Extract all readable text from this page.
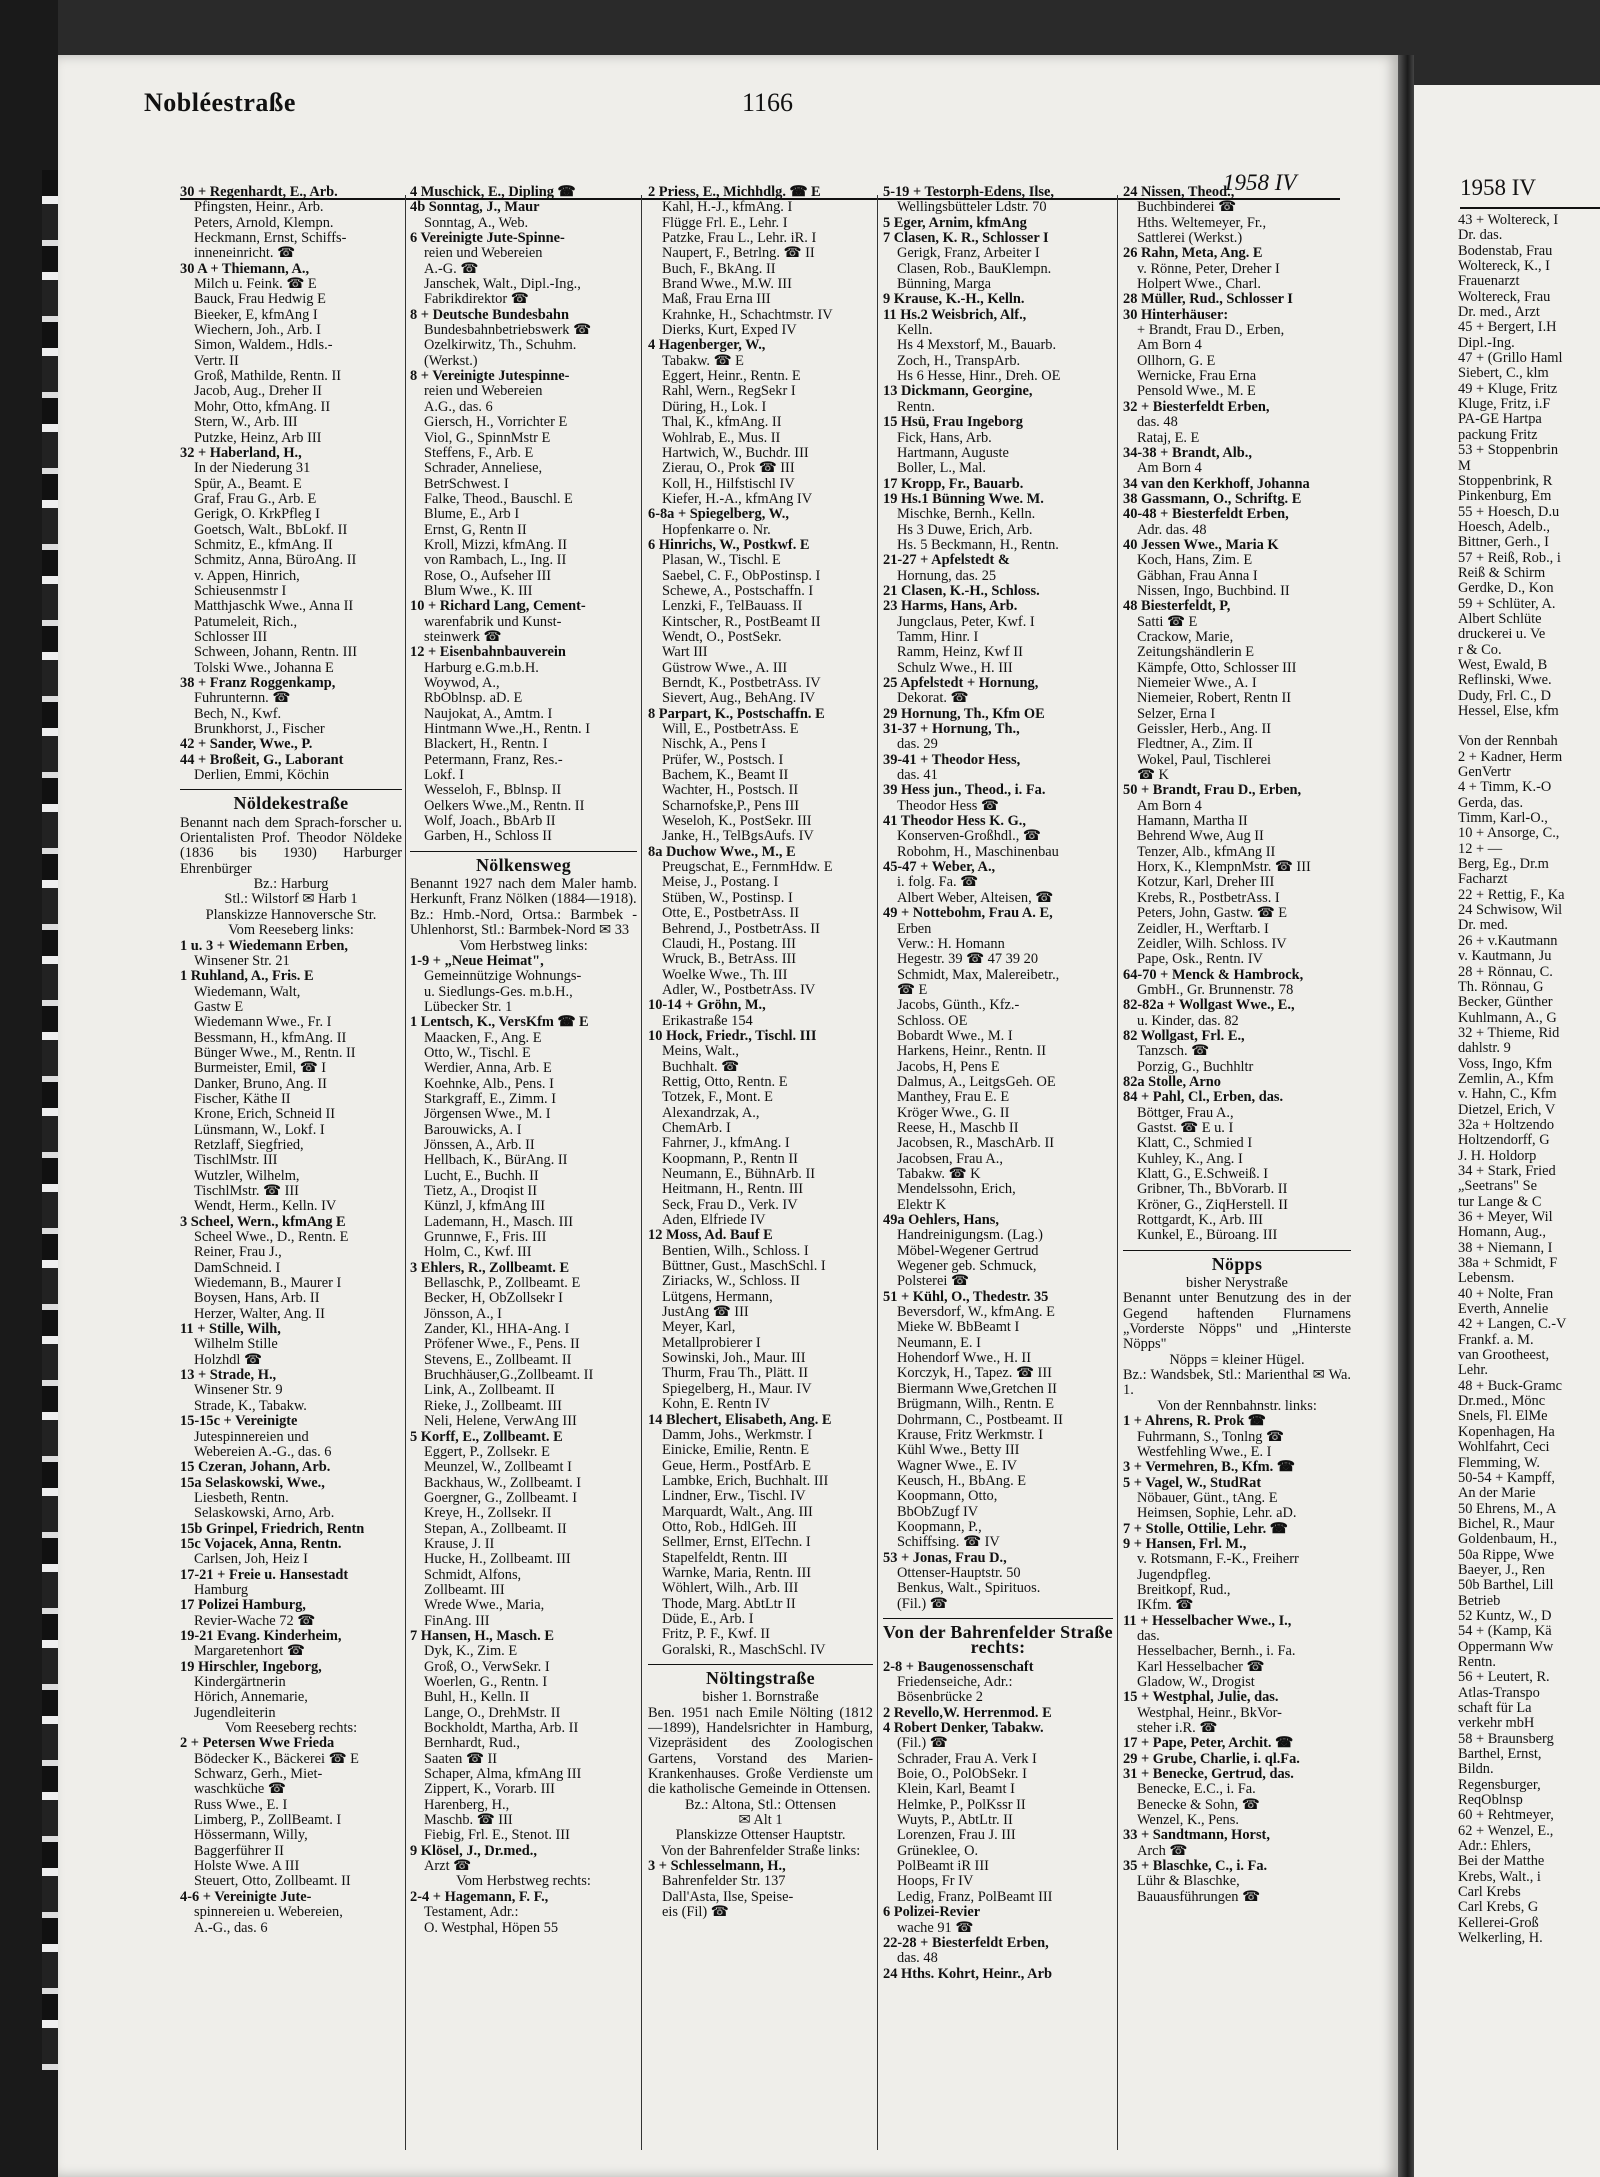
1958 IV
43 + Woltereck, I
Dr. das.
Bodenstab, Frau
Woltereck, K., I
Frauenarzt
Woltereck, Frau
Dr. med., Arzt
45 + Bergert, I.H
Dipl.-Ing.
47 + (Grillo Haml
Siebert, C., klm
49 + Kluge, Fritz
Kluge, Fritz, i.F
PA-GE Hartpa
packung Fritz
53 + Stoppenbrin
M
Stoppenbrink, R
Pinkenburg, Em
55 + Hoesch, D.u
Hoesch, Adelb.,
Bittner, Gerh., I
57 + Reiß, Rob., i
Reiß & Schirm
Gerdke, D., Kon
59 + Schlüter, A.
Albert Schlüte
druckerei u. Ve
r & Co.
West, Ewald, B
Reflinski, Wwe.
Dudy, Frl. C., D
Hessel, Else, kfm
Von der Rennbah
2 + Kadner, Herm
GenVertr
4 + Timm, K.-O
Gerda, das.
Timm, Karl-O.,
10 + Ansorge, C.,
12 + —
Berg, Eg., Dr.m
Facharzt
22 + Rettig, F., Ka
24 Schwisow, Wil
Dr. med.
26 + v.Kautmann
v. Kautmann, Ju
28 + Rönnau, C.
Th. Rönnau, G
Becker, Günther
Kuhlmann, A., G
32 + Thieme, Rid
dahlstr. 9
Voss, Ingo, Kfm
Zemlin, A., Kfm
v. Hahn, C., Kfm
Dietzel, Erich, V
32a + Holtzendo
Holtzendorff, G
J. H. Holdorp
34 + Stark, Fried
„Seetrans" Se
tur Lange & C
36 + Meyer, Wil
Homann, Aug.,
38 + Niemann, I
38a + Schmidt, F
Lebensm.
40 + Nolte, Fran
Everth, Annelie
42 + Langen, C.-V
Frankf. a. M.
van Grootheest,
Lehr.
48 + Buck-Gramc
Dr.med., Mönc
Snels, Fl. ElMe
Kopenhagen, Ha
Wohlfahrt, Ceci
Flemming, W.
50-54 + Kampff,
An der Marie
50 Ehrens, M., A
Bichel, R., Maur
Goldenbaum, H.,
50a Rippe, Wwe
Baeyer, J., Ren
50b Barthel, Lill
Betrieb
52 Kuntz, W., D
54 + (Kamp, Kä
Oppermann Ww
Rentn.
56 + Leutert, R.
Atlas-Transpo
schaft für La
verkehr mbH
58 + Braunsberg
Barthel, Ernst,
Bildn.
Regensburger,
ReqOblnsp
60 + Rehtmeyer,
62 + Wenzel, E.,
Adr.: Ehlers,
Bei der Matthe
Krebs, Walt., i
Carl Krebs
Carl Krebs, G
Kellerei-Groß
Welkerling, H.
Nobléestraße	1166
1958 IV
30 + Regenhardt, E., Arb.
Pfingsten, Heinr., Arb.
Peters, Arnold, Klempn.
Heckmann, Ernst, Schiffs-
inneneinricht. ☎
30 A + Thiemann, A.,
Milch u. Feink. ☎ E
Bauck, Frau Hedwig E
Bieeker, E, kfmAng I
Wiechern, Joh., Arb. I
Simon, Waldem., Hdls.-
Vertr. II
Groß, Mathilde, Rentn. II
Jacob, Aug., Dreher II
Mohr, Otto, kfmAng. II
Stern, W., Arb. III
Putzke, Heinz, Arb III
32 + Haberland, H.,
In der Niederung 31
Spür, A., Beamt. E
Graf, Frau G., Arb. E
Gerigk, O. KrkPfleg I
Goetsch, Walt., BbLokf. II
Schmitz, E., kfmAng. II
Schmitz, Anna, BüroAng. II
v. Appen, Hinrich,
Schieusenmstr I
Matthjaschk Wwe., Anna II
Patumeleit, Rich.,
Schlosser III
Schween, Johann, Rentn. III
Tolski Wwe., Johanna E
38 + Franz Roggenkamp,
Fuhrunternn. ☎
Bech, N., Kwf.
Brunkhorst, J., Fischer
42 + Sander, Wwe., P.
44 + Broßeit, G., Laborant
Derlien, Emmi, Köchin
Nöldekestraße
Benannt nach dem Sprach-forscher u. Orientalisten Prof. Theodor Nöldeke (1836 bis 1930) Harburger Ehrenbürger
Bz.: Harburg
Stl.: Wilstorf ✉ Harb 1
Planskizze Hannoversche Str.
Vom Reeseberg links:
1 u. 3 + Wiedemann Erben,
Winsener Str. 21
1 Ruhland, A., Fris. E
Wiedemann, Walt,
Gastw E
Wiedemann Wwe., Fr. I
Bessmann, H., kfmAng. II
Bünger Wwe., M., Rentn. II
Burmeister, Emil, ☎ I
Danker, Bruno, Ang. II
Fischer, Käthe II
Krone, Erich, Schneid II
Lünsmann, W., Lokf. I
Retzlaff, Siegfried,
TischlMstr. III
Wutzler, Wilhelm,
TischlMstr. ☎ III
Wendt, Herm., Kelln. IV
3 Scheel, Wern., kfmAng E
Scheel Wwe., D., Rentn. E
Reiner, Frau J.,
DamSchneid. I
Wiedemann, B., Maurer I
Boysen, Hans, Arb. II
Herzer, Walter, Ang. II
11 + Stille, Wilh,
Wilhelm Stille
Holzhdl ☎
13 + Strade, H.,
Winsener Str. 9
Strade, K., Tabakw.
15-15c + Vereinigte
Jutespinnereien und
Webereien A.-G., das. 6
15 Czeran, Johann, Arb.
15a Selaskowski, Wwe.,
Liesbeth, Rentn.
Selaskowski, Arno, Arb.
15b Grinpel, Friedrich, Rentn
15c Vojacek, Anna, Rentn.
Carlsen, Joh, Heiz I
17-21 + Freie u. Hansestadt
Hamburg
17 Polizei Hamburg,
Revier-Wache 72 ☎
19-21 Evang. Kinderheim,
Margaretenhort ☎
19 Hirschler, Ingeborg,
Kindergärtnerin
Hörich, Annemarie,
Jugendleiterin
Vom Reeseberg rechts:
2 + Petersen Wwe Frieda
Bödecker K., Bäckerei ☎ E
Schwarz, Gerh., Miet-
waschküche ☎
Russ Wwe., E. I
Limberg, P., ZollBeamt. I
Hössermann, Willy,
Baggerführer II
Holste Wwe. A III
Steuert, Otto, Zollbeamt. II
4-6 + Vereinigte Jute-
spinnereien u. Webereien,
A.-G., das. 6
4 Muschick, E., Dipling ☎
4b Sonntag, J., Maur
Sonntag, A., Web.
6 Vereinigte Jute-Spinne-
reien und Webereien
A.-G. ☎
Janschek, Walt., Dipl.-Ing.,
Fabrikdirektor ☎
8 + Deutsche Bundesbahn
Bundesbahnbetriebswerk ☎
Ozelkirwitz, Th., Schuhm.
(Werkst.)
8 + Vereinigte Jutespinne-
reien und Webereien
A.G., das. 6
Giersch, H., Vorrichter E
Viol, G., SpinnMstr E
Steffens, F., Arb. E
Schrader, Anneliese,
BetrSchwest. I
Falke, Theod., Bauschl. E
Blume, E., Arb I
Ernst, G, Rentn II
Kroll, Mizzi, kfmAng. II
von Rambach, L., Ing. II
Rose, O., Aufseher III
Blum Wwe., K. III
10 + Richard Lang, Cement-
warenfabrik und Kunst-
steinwerk ☎
12 + Eisenbahnbauverein
Harburg e.G.m.b.H.
Woywod, A.,
RbOblnsp. aD. E
Naujokat, A., Amtm. I
Hintmann Wwe.,H., Rentn. I
Blackert, H., Rentn. I
Petermann, Franz, Res.-
Lokf. I
Wesseloh, F., Bblnsp. II
Oelkers Wwe.,M., Rentn. II
Wolf, Joach., BbArb II
Garben, H., Schloss II
Nölkensweg
Benannt 1927 nach dem Maler hamb. Herkunft, Franz Nölken (1884—1918).
Bz.: Hmb.-Nord, Ortsa.: Barmbek - Uhlenhorst, Stl.: Barmbek-Nord ✉ 33
Vom Herbstweg links:
1-9 + „Neue Heimat",
Gemeinnützige Wohnungs-
u. Siedlungs-Ges. m.b.H.,
Lübecker Str. 1
1 Lentsch, K., VersKfm ☎ E
Maacken, F., Ang. E
Otto, W., Tischl. E
Werdier, Anna, Arb. E
Koehnke, Alb., Pens. I
Starkgraff, E., Zimm. I
Jörgensen Wwe., M. I
Barouwicks, A. I
Jönssen, A., Arb. II
Hellbach, K., BürAng. II
Lucht, E., Buchh. II
Tietz, A., Droqist II
Künzl, J, kfmAng III
Lademann, H., Masch. III
Grunnwe, F., Fris. III
Holm, C., Kwf. III
3 Ehlers, R., Zollbeamt. E
Bellaschk, P., Zollbeamt. E
Becker, H, ObZollsekr I
Jönsson, A., I
Zander, Kl., HHA-Ang. I
Pröfener Wwe., F., Pens. II
Stevens, E., Zollbeamt. II
Bruchhäuser,G.,Zollbeamt. II
Link, A., Zollbeamt. II
Rieke, J., Zollbeamt. III
Neli, Helene, VerwAng III
5 Korff, E., Zollbeamt. E
Eggert, P., Zollsekr. E
Meunzel, W., Zollbeamt I
Backhaus, W., Zollbeamt. I
Goergner, G., Zollbeamt. I
Kreye, H., Zollsekr. II
Stepan, A., Zollbeamt. II
Krause, J. II
Hucke, H., Zollbeamt. III
Schmidt, Alfons,
Zollbeamt. III
Wrede Wwe., Maria,
FinAng. III
7 Hansen, H., Masch. E
Dyk, K., Zim. E
Groß, O., VerwSekr. I
Woerlen, G., Rentn. I
Buhl, H., Kelln. II
Lange, O., DrehMstr. II
Bockholdt, Martha, Arb. II
Bernhardt, Rud.,
Saaten ☎ II
Schaper, Alma, kfmAng III
Zippert, K., Vorarb. III
Harenberg, H.,
Maschb. ☎ III
Fiebig, Frl. E., Stenot. III
9 Klösel, J., Dr.med.,
Arzt ☎
Vom Herbstweg rechts:
2-4 + Hagemann, F. F.,
Testament, Adr.:
O. Westphal, Höpen 55
2 Priess, E., Michhdlg. ☎ E
Kahl, H.-J., kfmAng. I
Flügge Frl. E., Lehr. I
Patzke, Frau L., Lehr. iR. I
Naupert, F., Betrlng. ☎ II
Buch, F., BkAng. II
Brand Wwe., M.W. III
Maß, Frau Erna III
Krahnke, H., Schachtmstr. IV
Dierks, Kurt, Exped IV
4 Hagenberger, W.,
Tabakw. ☎ E
Eggert, Heinr., Rentn. E
Rahl, Wern., RegSekr I
Düring, H., Lok. I
Thal, K., kfmAng. II
Wohlrab, E., Mus. II
Hartwich, W., Buchdr. III
Zierau, O., Prok ☎ III
Koll, H., Hilfstischl IV
Kiefer, H.-A., kfmAng IV
6-8a + Spiegelberg, W.,
Hopfenkarre o. Nr.
6 Hinrichs, W., Postkwf. E
Plasan, W., Tischl. E
Saebel, C. F., ObPostinsp. I
Schewe, A., Postschaffn. I
Lenzki, F., TelBauass. II
Kintscher, R., PostBeamt II
Wendt, O., PostSekr.
Wart III
Güstrow Wwe., A. III
Berndt, K., PostbetrAss. IV
Sievert, Aug., BehAng. IV
8 Parpart, K., Postschaffn. E
Will, E., PostbetrAss. E
Nischk, A., Pens I
Prüfer, W., Postsch. I
Bachem, K., Beamt II
Wachter, H., Postsch. II
Scharnofske,P., Pens III
Weseloh, K., PostSekr. III
Janke, H., TelBgsAufs. IV
8a Duchow Wwe., M., E
Preugschat, E., FernmHdw. E
Meise, J., Postang. I
Stüben, W., Postinsp. I
Otte, E., PostbetrAss. II
Behrend, J., PostbetrAss. II
Claudi, H., Postang. III
Wruck, B., BetrAss. III
Woelke Wwe., Th. III
Adler, W., PostbetrAss. IV
10-14 + Gröhn, M.,
Erikastraße 154
10 Hock, Friedr., Tischl. III
Meins, Walt.,
Buchhalt. ☎
Rettig, Otto, Rentn. E
Totzek, F., Mont. E
Alexandrzak, A.,
ChemArb. I
Fahrner, J., kfmAng. I
Koopmann, P., Rentn II
Neumann, E., BühnArb. II
Heitmann, H., Rentn. III
Seck, Frau D., Verk. IV
Aden, Elfriede IV
12 Moss, Ad. Bauf E
Bentien, Wilh., Schloss. I
Büttner, Gust., MaschSchl. I
Ziriacks, W., Schloss. II
Lütgens, Hermann,
JustAng ☎ III
Meyer, Karl,
Metallprobierer I
Sowinski, Joh., Maur. III
Thurm, Frau Th., Plätt. II
Spiegelberg, H., Maur. IV
Kohn, E. Rentn IV
14 Blechert, Elisabeth, Ang. E
Damm, Johs., Werkmstr. I
Einicke, Emilie, Rentn. E
Geue, Herm., PostfArb. E
Lambke, Erich, Buchhalt. III
Lindner, Erw., Tischl. IV
Marquardt, Walt., Ang. III
Otto, Rob., HdlGeh. III
Sellmer, Ernst, ElTechn. I
Stapelfeldt, Rentn. III
Warnke, Maria, Rentn. III
Wöhlert, Wilh., Arb. III
Thode, Marg. AbtLtr II
Düde, E., Arb. I
Fritz, P. F., Kwf. II
Goralski, R., MaschSchl. IV
Nöltingstraße
bisher 1. Bornstraße
Ben. 1951 nach Emile Nölting (1812—1899), Handelsrichter in Hamburg, Vizepräsident des Zoologischen Gartens, Vorstand des Marien-Krankenhauses. Große Verdienste um die katholische Gemeinde in Ottensen.
Bz.: Altona, Stl.: Ottensen
✉ Alt 1
Planskizze Ottenser Hauptstr.
Von der Bahrenfelder Straße links:
3 + Schlesselmann, H.,
Bahrenfelder Str. 137
Dall'Asta, Ilse, Speise-
eis (Fil) ☎
5-19 + Testorph-Edens, Ilse,
Wellingsbütteler Ldstr. 70
5 Eger, Arnim, kfmAng
7 Clasen, K. R., Schlosser I
Gerigk, Franz, Arbeiter I
Clasen, Rob., BauKlempn.
Bünning, Marga
9 Krause, K.-H., Kelln.
11 Hs.2 Weisbrich, Alf.,
Kelln.
Hs 4 Mexstorf, M., Bauarb.
Zoch, H., TranspArb.
Hs 6 Hesse, Hinr., Dreh. OE
13 Dickmann, Georgine,
Rentn.
15 Hsü, Frau Ingeborg
Fick, Hans, Arb.
Hartmann, Auguste
Boller, L., Mal.
17 Kropp, Fr., Bauarb.
19 Hs.1 Bünning Wwe. M.
Mischke, Bernh., Kelln.
Hs 3 Duwe, Erich, Arb.
Hs. 5 Beckmann, H., Rentn.
21-27 + Apfelstedt &
Hornung, das. 25
21 Clasen, K.-H., Schloss.
23 Harms, Hans, Arb.
Jungclaus, Peter, Kwf. I
Tamm, Hinr. I
Ramm, Heinz, Kwf II
Schulz Wwe., H. III
25 Apfelstedt + Hornung,
Dekorat. ☎
29 Hornung, Th., Kfm OE
31-37 + Hornung, Th.,
das. 29
39-41 + Theodor Hess,
das. 41
39 Hess jun., Theod., i. Fa.
Theodor Hess ☎
41 Theodor Hess K. G.,
Konserven-Großhdl., ☎
Robohm, H., Maschinenbau
45-47 + Weber, A.,
i. folg. Fa. ☎
Albert Weber, Alteisen, ☎
49 + Nottebohm, Frau A. E,
Erben
Verw.: H. Homann
Hegestr. 39 ☎ 47 39 20
Schmidt, Max, Malereibetr.,
☎ E
Jacobs, Günth., Kfz.-
Schloss. OE
Bobardt Wwe., M. I
Harkens, Heinr., Rentn. II
Jacobs, H, Pens E
Dalmus, A., LeitgsGeh. OE
Manthey, Frau E. E
Kröger Wwe., G. II
Reese, H., Maschb II
Jacobsen, R., MaschArb. II
Jacobsen, Frau A.,
Tabakw. ☎ K
Mendelssohn, Erich,
Elektr K
49a Oehlers, Hans,
Handreinigungsm. (Lag.)
Möbel-Wegener Gertrud
Wegener geb. Schmuck,
Polsterei ☎
51 + Kühl, O., Thedestr. 35
Beversdorf, W., kfmAng. E
Mieke W. BbBeamt I
Neumann, E. I
Hohendorf Wwe., H. II
Korczyk, H., Tapez. ☎ III
Biermann Wwe,Gretchen II
Brügmann, Wilh., Rentn. E
Dohrmann, C., Postbeamt. II
Krause, Fritz Werkmstr. I
Kühl Wwe., Betty III
Wagner Wwe., E. IV
Keusch, H., BbAng. E
Koopmann, Otto,
BbObZugf IV
Koopmann, P.,
Schiffsing. ☎ IV
53 + Jonas, Frau D.,
Ottenser-Hauptstr. 50
Benkus, Walt., Spirituos.
(Fil.) ☎
Von der Bahrenfelder Straße rechts:
2-8 + Baugenossenschaft
Friedenseiche, Adr.:
Bösenbrücke 2
2 Revello,W. Herrenmod. E
4 Robert Denker, Tabakw.
(Fil.) ☎
Schrader, Frau A. Verk I
Boie, O., PolObSekr. I
Klein, Karl, Beamt I
Helmke, P., PolKssr II
Wuyts, P., AbtLtr. II
Lorenzen, Frau J. III
Grüneklee, O.
PolBeamt iR III
Hoops, Fr IV
Ledig, Franz, PolBeamt III
6 Polizei-Revier
wache 91 ☎
22-28 + Biesterfeldt Erben,
das. 48
24 Hths. Kohrt, Heinr., Arb
24 Nissen, Theod.,
Buchbinderei ☎
Hths. Weltemeyer, Fr.,
Sattlerei (Werkst.)
26 Rahn, Meta, Ang. E
v. Rönne, Peter, Dreher I
Holpert Wwe., Charl.
28 Müller, Rud., Schlosser I
30 Hinterhäuser:
+ Brandt, Frau D., Erben,
Am Born 4
Ollhorn, G. E
Wernicke, Frau Erna
Pensold Wwe., M. E
32 + Biesterfeldt Erben,
das. 48
Rataj, E. E
34-38 + Brandt, Alb.,
Am Born 4
34 van den Kerkhoff, Johanna
38 Gassmann, O., Schriftg. E
40-48 + Biesterfeldt Erben,
Adr. das. 48
40 Jessen Wwe., Maria K
Koch, Hans, Zim. E
Gäbhan, Frau Anna I
Nissen, Ingo, Buchbind. II
48 Biesterfeldt, P,
Satti ☎ E
Crackow, Marie,
Zeitungshändlerin E
Kämpfe, Otto, Schlosser III
Niemeier Wwe., A. I
Niemeier, Robert, Rentn II
Selzer, Erna I
Geissler, Herb., Ang. II
Fledtner, A., Zim. II
Wokel, Paul, Tischlerei
☎ K
50 + Brandt, Frau D., Erben,
Am Born 4
Hamann, Martha II
Behrend Wwe, Aug II
Tenzer, Alb., kfmAng II
Horx, K., KlempnMstr. ☎ III
Kotzur, Karl, Dreher III
Krebs, R., PostbetrAss. I
Peters, John, Gastw. ☎ E
Zeidler, H., Werftarb. I
Zeidler, Wilh. Schloss. IV
Pape, Osk., Rentn. IV
64-70 + Menck & Hambrock,
GmbH., Gr. Brunnenstr. 78
82-82a + Wollgast Wwe., E.,
u. Kinder, das. 82
82 Wollgast, Frl. E.,
Tanzsch. ☎
Porzig, G., Buchhltr
82a Stolle, Arno
84 + Pahl, Cl., Erben, das.
Böttger, Frau A.,
Gastst. ☎ E u. I
Klatt, C., Schmied I
Kuhley, K., Ang. I
Klatt, G., E.Schweiß. I
Gribner, Th., BbVorarb. II
Kröner, G., ZiqHerstell. II
Rottgardt, K., Arb. III
Kunkel, E., Büroang. III
Nöpps
bisher Nerystraße
Benannt unter Benutzung des in der Gegend haftenden Flurnamens „Vorderste Nöpps" und „Hinterste Nöpps"
Nöpps = kleiner Hügel.
Bz.: Wandsbek, Stl.: Marienthal ✉ Wa. 1.
Von der Rennbahnstr. links:
1 + Ahrens, R. Prok ☎
Fuhrmann, S., Tonlng ☎
Westfehling Wwe., E. I
3 + Vermehren, B., Kfm. ☎
5 + Vagel, W., StudRat
Nöbauer, Günt., tAng. E
Heimsen, Sophie, Lehr. aD.
7 + Stolle, Ottilie, Lehr. ☎
9 + Hansen, Frl. M.,
v. Rotsmann, F.-K., Freiherr
Jugendpfleg.
Breitkopf, Rud.,
IKfm. ☎
11 + Hesselbacher Wwe., I.,
das.
Hesselbacher, Bernh., i. Fa.
Karl Hesselbacher ☎
Gladow, W., Drogist
15 + Westphal, Julie, das.
Westphal, Heinr., BkVor-
steher i.R. ☎
17 + Pape, Peter, Archit. ☎
29 + Grube, Charlie, i. ql.Fa.
31 + Benecke, Gertrud, das.
Benecke, E.C., i. Fa.
Benecke & Sohn, ☎
Wenzel, K., Pens.
33 + Sandtmann, Horst,
Arch ☎
35 + Blaschke, C., i. Fa.
Lühr & Blaschke,
Bauausführungen ☎
